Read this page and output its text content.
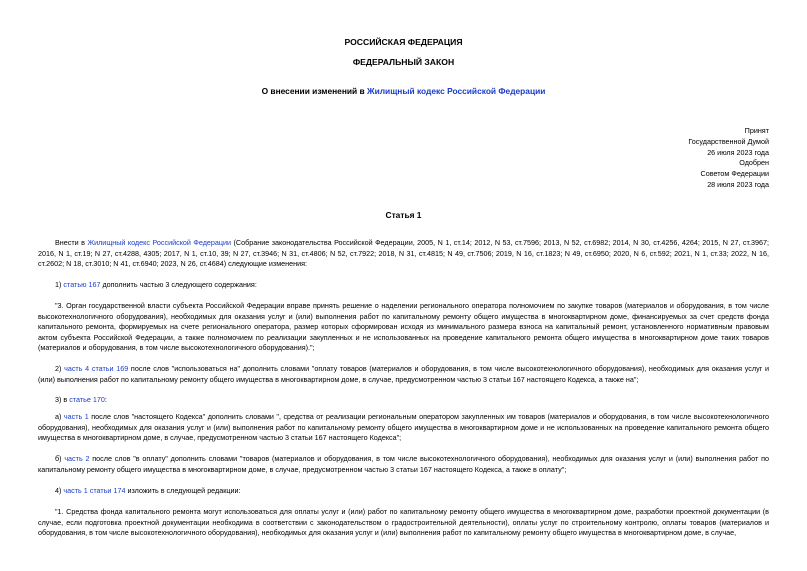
РОССИЙСКАЯ ФЕДЕРАЦИЯ
ФЕДЕРАЛЬНЫЙ ЗАКОН
О внесении изменений в Жилищный кодекс Российской Федерации
Принят
Государственной Думой
26 июля 2023 года
Одобрен
Советом Федерации
28 июля 2023 года
Статья 1
Внести в Жилищный кодекс Российской Федерации (Собрание законодательства Российской Федерации, 2005, N 1, ст.14; 2012, N 53, ст.7596; 2013, N 52, ст.6982; 2014, N 30, ст.4256, 4264; 2015, N 27, ст.3967; 2016, N 1, ст.19; N 27, ст.4288, 4305; 2017, N 1, ст.10, 39; N 27, ст.3946; N 31, ст.4806; N 52, ст.7922; 2018, N 31, ст.4815; N 49, ст.7506; 2019, N 16, ст.1823; N 49, ст.6950; 2020, N 6, ст.592; 2021, N 1, ст.33; 2022, N 16, ст.2602; N 18, ст.3010; N 41, ст.6940; 2023, N 26, ст.4684) следующие изменения:
1) статью 167 дополнить частью 3 следующего содержания:
"3. Орган государственной власти субъекта Российской Федерации вправе принять решение о наделении регионального оператора полномочием по закупке товаров (материалов и оборудования, в том числе высокотехнологичного оборудования), необходимых для оказания услуг и (или) выполнения работ по капитальному ремонту общего имущества в многоквартирном доме, финансируемых за счет средств фонда капитального ремонта, формируемых на счете регионального оператора, размер которых сформирован исходя из минимального размера взноса на капитальный ремонт, установленного нормативным правовым актом субъекта Российской Федерации, а также полномочием по реализации закупленных и не использованных на проведение капитального ремонта общего имущества в многоквартирном доме таких товаров (материалов и оборудования, в том числе высокотехнологичного оборудования).";
2) часть 4 статьи 169 после слов "использоваться на" дополнить словами "оплату товаров (материалов и оборудования, в том числе высокотехнологичного оборудования), необходимых для оказания услуг и (или) выполнения работ по капитальному ремонту общего имущества в многоквартирном доме, в случае, предусмотренном частью 3 статьи 167 настоящего Кодекса, а также на";
3) в статье 170:
а) часть 1 после слов "настоящего Кодекса" дополнить словами ", средства от реализации региональным оператором закупленных им товаров (материалов и оборудования, в том числе высокотехнологичного оборудования), необходимых для оказания услуг и (или) выполнения работ по капитальному ремонту общего имущества в многоквартирном доме и не использованных на проведение капитального ремонта общего имущества в многоквартирном доме, в случае, предусмотренном частью 3 статьи 167 настоящего Кодекса";
б) часть 2 после слов "в оплату" дополнить словами "товаров (материалов и оборудования, в том числе высокотехнологичного оборудования), необходимых для оказания услуг и (или) выполнения работ по капитальному ремонту общего имущества в многоквартирном доме, в случае, предусмотренном частью 3 статьи 167 настоящего Кодекса, а также в оплату";
4) часть 1 статьи 174 изложить в следующей редакции:
"1. Средства фонда капитального ремонта могут использоваться для оплаты услуг и (или) работ по капитальному ремонту общего имущества в многоквартирном доме, разработки проектной документации (в случае, если подготовка проектной документации необходима в соответствии с законодательством о градостроительной деятельности), оплаты услуг по строительному контролю, оплаты товаров (материалов и оборудования, в том числе высокотехнологичного оборудования), необходимых для оказания услуг и (или) выполнения работ по капитальному ремонту общего имущества в многоквартирном доме, в случае,
